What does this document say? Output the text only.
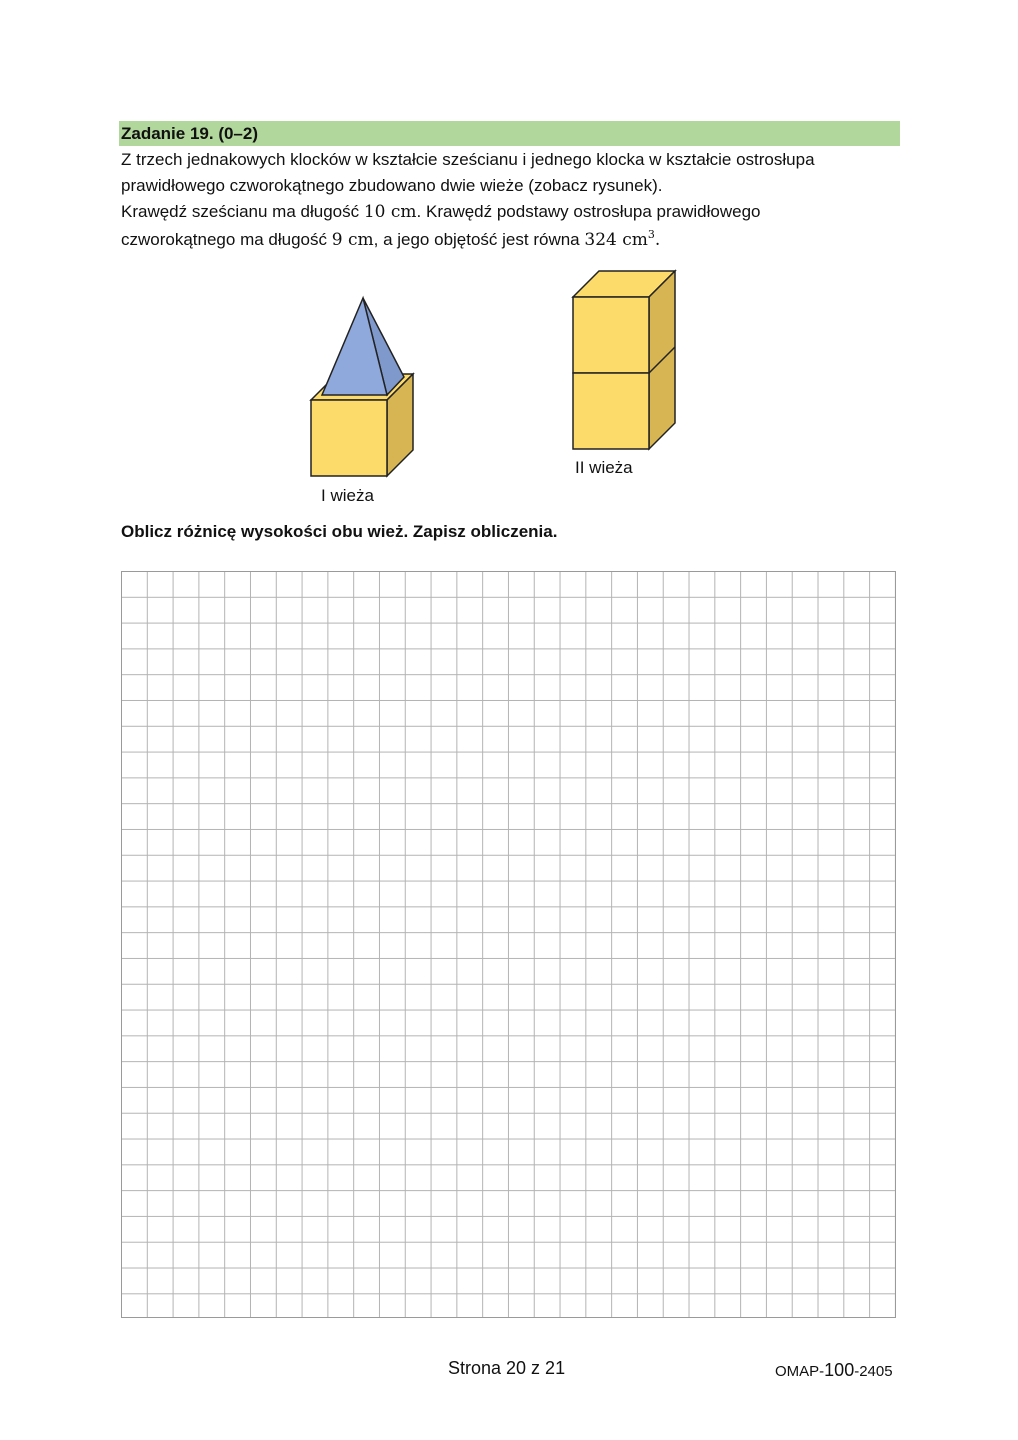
Zadanie 19. (0–2)
Z trzech jednakowych klocków w kształcie sześcianu i jednego klocka w kształcie ostrosłupa
prawidłowego czworokątnego zbudowano dwie wieże (zobacz rysunek).
Krawędź sześcianu ma długość 10 cm. Krawędź podstawy ostrosłupa prawidłowego
czworokątnego ma długość 9 cm, a jego objętość jest równa 324 $cm^3$.
I wieża
II wieża
Oblicz różnicę wysokości obu wież. Zapisz obliczenia.
Strona 20 z 21	OMAP-100-2405
